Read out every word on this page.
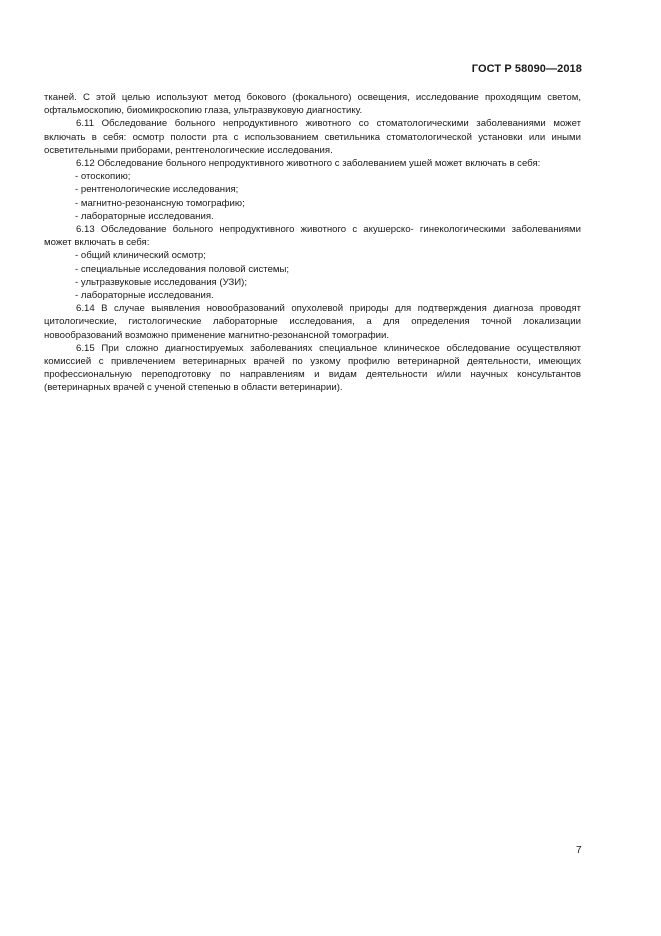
ГОСТ Р 58090—2018

тканей. С этой целью используют метод бокового (фокального) освещения, исследование проходящим светом, офтальмоскопию, биомикроскопию глаза, ультразвуковую диагностику.

6.11 Обследование больного непродуктивного животного со стоматологическими заболеваниями может включать в себя: осмотр полости рта с использованием светильника стоматологической установки или иными осветительными приборами, рентгенологические исследования.

6.12 Обследование больного непродуктивного животного с заболеванием ушей может включать в себя:

- отоскопию;

- рентгенологические исследования;

- магнитно-резонансную томографию;

- лабораторные исследования.

6.13 Обследование больного непродуктивного животного с акушерско- гинекологическими заболеваниями может включать в себя:

- общий клинический осмотр;

- специальные исследования половой системы;

- ультразвуковые исследования (УЗИ);

- лабораторные исследования.

6.14 В случае выявления новообразований опухолевой природы для подтверждения диагноза проводят цитологические, гистологические лабораторные исследования, а для определения точной локализации новообразований возможно применение магнитно-резонансной томографии.

6.15 При сложно диагностируемых заболеваниях специальное клиническое обследование осуществляют комиссией с привлечением ветеринарных врачей по узкому профилю ветеринарной деятельности, имеющих профессиональную переподготовку по направлениям и видам деятельности и/или научных консультантов (ветеринарных врачей с ученой степенью в области ветеринарии).

7
